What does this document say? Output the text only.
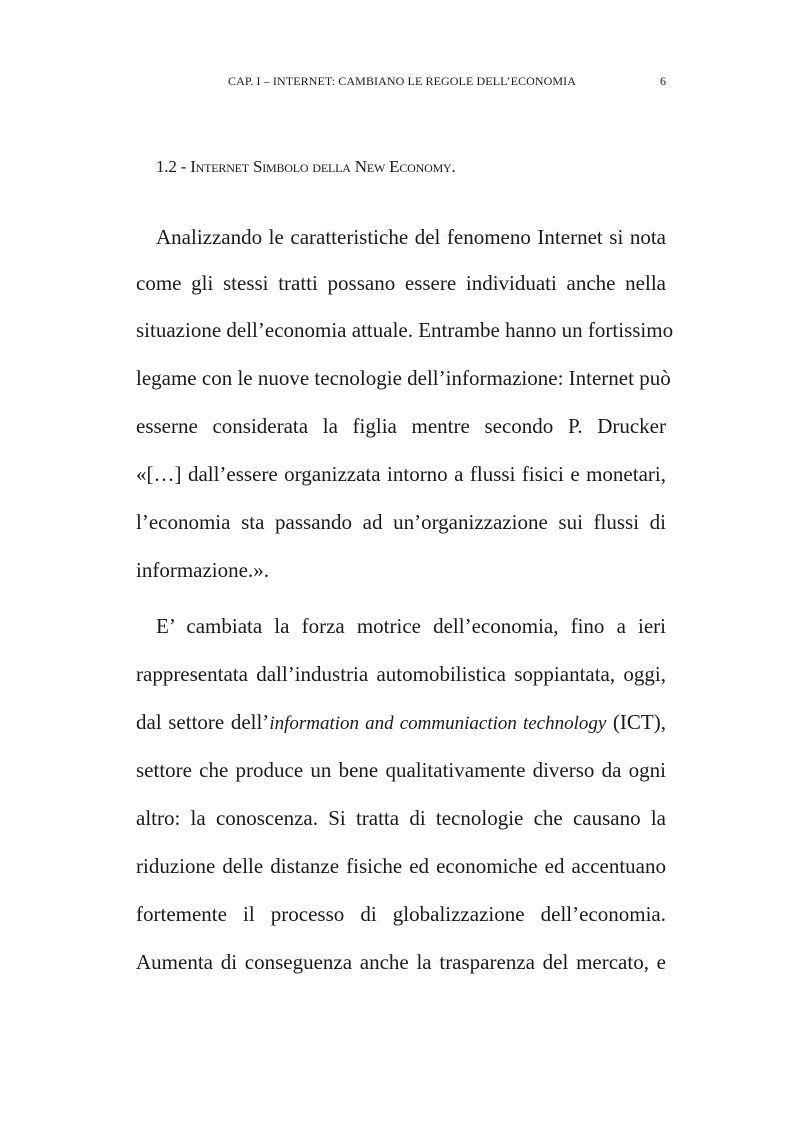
CAP. I – INTERNET: CAMBIANO LE REGOLE DELL’ECONOMIA	6
1.2 - Internet Simbolo della New Economy.
Analizzando le caratteristiche del fenomeno Internet si nota
come gli stessi tratti possano essere individuati anche nella
situazione dell’economia attuale. Entrambe hanno un fortissimo
legame con le nuove tecnologie dell’informazione: Internet può
esserne considerata la figlia mentre secondo P. Drucker
«[…] dall’essere organizzata intorno a flussi fisici e monetari,
l’economia sta passando ad un’organizzazione sui flussi di
informazione.».
E’ cambiata la forza motrice dell’economia, fino a ieri
rappresentata dall’industria automobilistica soppiantata, oggi,
dal settore dell’information and communiaction technology (ICT),
settore che produce un bene qualitativamente diverso da ogni
altro: la conoscenza. Si tratta di tecnologie che causano la
riduzione delle distanze fisiche ed economiche ed accentuano
fortemente il processo di globalizzazione dell’economia.
Aumenta di conseguenza anche la trasparenza del mercato, e
